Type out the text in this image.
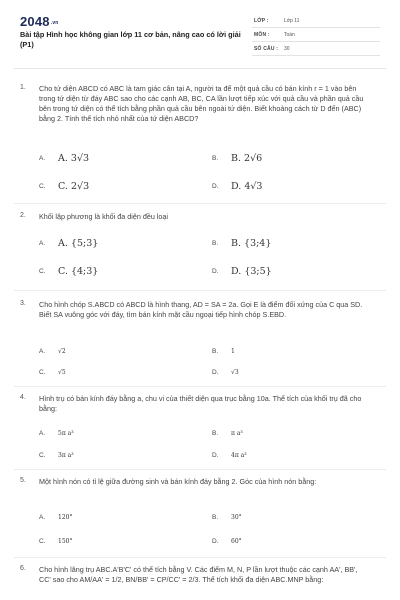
2048.vn
Bài tập Hình học không gian lớp 11 cơ bản, nâng cao có lời giải (P1)
LỚP :	Lớp 11
MÔN :	Toán
SỐ CÂU : 30
1. Cho tứ diện ABCD có ABC là tam giác cân tại A, người ta để một quả cầu có bán kính r = 1 vào bên trong tứ diện từ đáy ABC sao cho các cạnh AB, BC, CA lần lượt tiếp xúc với quả cầu và phần quả cầu bên trong tứ diện có thể tích bằng phần quả cầu bên ngoài tứ diện. Biết khoảng cách từ D đến (ABC) bằng 2. Tính thể tích nhỏ nhất của tứ diện ABCD?
A. A. 3√3	B. B. 2√6
C. C. 2√3	D. D. 4√3
2. Khối lập phương là khối đa diện đều loại
A. A. {5;3}	B. B. {3;4}
C. C. {4;3}	D. D. {3;5}
3. Cho hình chóp S.ABCD có ABCD là hình thang, AD = SA = 2a. Gọi E là điểm đối xứng của C qua SD. Biết SA vuông góc với đáy, tìm bán kính mặt cầu ngoại tiếp hình chóp S.EBD.
A. √2	B. 1
C. √5	D. √3
4. Hình trụ có bán kính đáy bằng a, chu vi của thiết diện qua trục bằng 10a. Thể tích của khối trụ đã cho bằng:
A. 5π a³	B. π a³
C. 3π a³	D. 4π a³
5. Một hình nón có tỉ lệ giữa đường sinh và bán kính đáy bằng 2. Góc của hình nón bằng:
A. 120°	B. 30°
C. 150°	D. 60°
6. Cho hình lăng trụ ABC.A'B'C' có thể tích bằng V. Các điểm M, N, P lần lượt thuộc các cạnh AA', BB', CC' sao cho AM/AA' = 1/2, BN/BB' = CP/CC' = 2/3. Thể tích khối đa diện ABC.MNP bằng:
